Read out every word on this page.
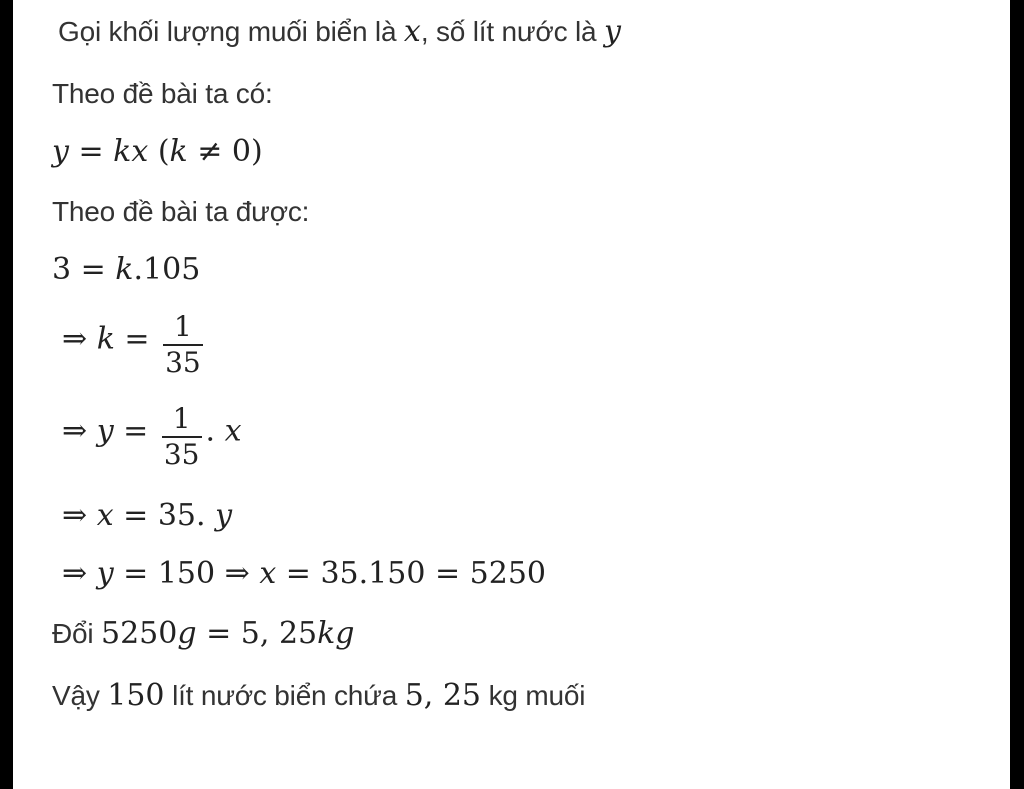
Gọi khối lượng muối biển là x, số lít nước là y
Theo đề bài ta có:
y = kx (k ≠ 0)
Theo đề bài ta được:
3 = k.105
⇒ $k = \frac{1}{35}$
⇒ $y = \frac{1}{35}$ . x
⇒ x = 35. y
⇒ y = 150 ⇒ x = 35.150 = 5250
Đổi 5250g = 5, 25kg
Vậy 150 lít nước biển chứa 5, 25 kg muối
